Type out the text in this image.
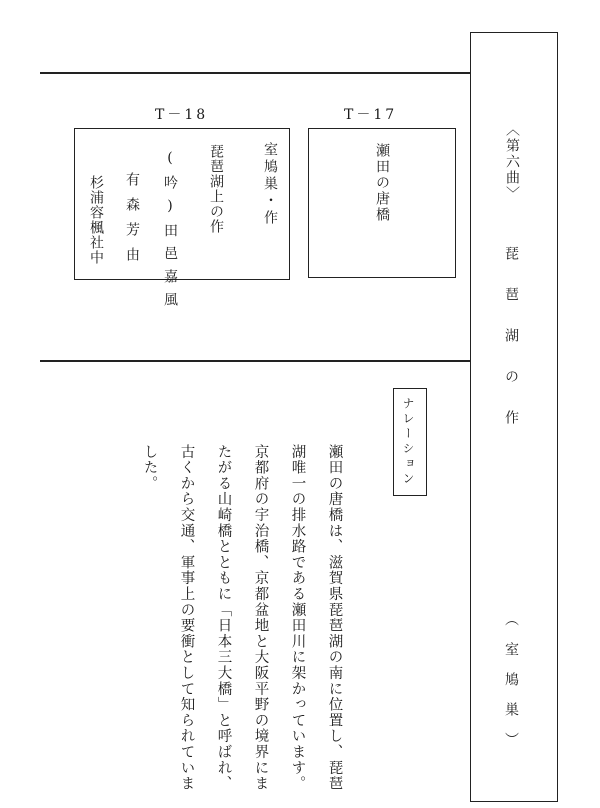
T－18
室鳩巣・作
琵琶湖上の作
(吟)田邑嘉風
有森芳由
杉浦容楓社中
T－17
瀬田の唐橋	〈第六曲〉
琵琶湖の作
（室鳩巣）
ナレーション
瀬田の唐橋は、滋賀県琵琶湖の南に位置し、琵琶
湖唯一の排水路である瀬田川に架かっています。
京都府の宇治橋、京都盆地と大阪平野の境界にま
たがる山崎橋とともに「日本三大橋」と呼ばれ、
古くから交通、軍事上の要衝として知られていま
した。
